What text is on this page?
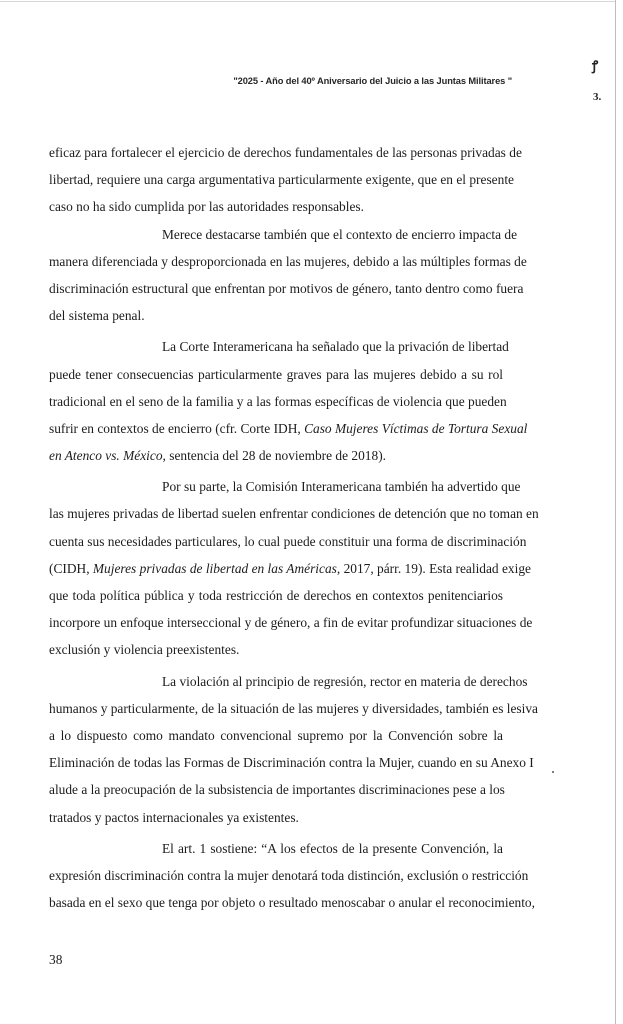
"2025 - Año del 40º Aniversario del Juicio a las Juntas Militares "
ꝭ
3.
eficaz para fortalecer el ejercicio de derechos fundamentales de las personas privadas de
libertad, requiere una carga argumentativa particularmente exigente, que en el presente
caso no ha sido cumplida por las autoridades responsables.
Merece destacarse también que el contexto de encierro impacta de
manera diferenciada y desproporcionada en las mujeres, debido a las múltiples formas de
discriminación estructural que enfrentan por motivos de género, tanto dentro como fuera
del sistema penal.
La Corte Interamericana ha señalado que la privación de libertad
puede tener consecuencias particularmente graves para las mujeres debido a su rol
tradicional en el seno de la familia y a las formas específicas de violencia que pueden
sufrir en contextos de encierro (cfr. Corte IDH, Caso Mujeres Víctimas de Tortura Sexual
en Atenco vs. México, sentencia del 28 de noviembre de 2018).
Por su parte, la Comisión Interamericana también ha advertido que
las mujeres privadas de libertad suelen enfrentar condiciones de detención que no toman en
cuenta sus necesidades particulares, lo cual puede constituir una forma de discriminación
(CIDH, Mujeres privadas de libertad en las Américas, 2017, párr. 19). Esta realidad exige
que toda política pública y toda restricción de derechos en contextos penitenciarios
incorpore un enfoque interseccional y de género, a fin de evitar profundizar situaciones de
exclusión y violencia preexistentes.
La violación al principio de regresión, rector en materia de derechos
humanos y particularmente, de la situación de las mujeres y diversidades, también es lesiva
a lo dispuesto como mandato convencional supremo por la Convención sobre la
Eliminación de todas las Formas de Discriminación contra la Mujer, cuando en su Anexo I
alude a la preocupación de la subsistencia de importantes discriminaciones pese a los
tratados y pactos internacionales ya existentes.
El art. 1 sostiene: “A los efectos de la presente Convención, la
expresión discriminación contra la mujer denotará toda distinción, exclusión o restricción
basada en el sexo que tenga por objeto o resultado menoscabar o anular el reconocimiento,
38
